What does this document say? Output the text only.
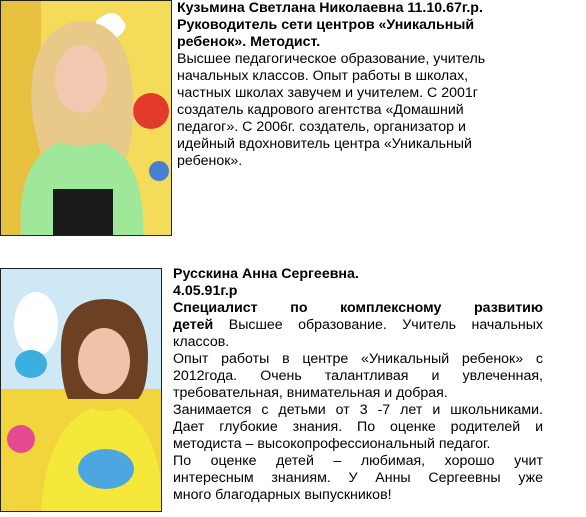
Кузьмина Светлана Николаевна 11.10.67г.р.
Руководитель сети центров «Уникальный
ребенок». Методист.
Высшее педагогическое образование, учитель
начальных классов. Опыт работы в школах,
частных школах завучем и учителем. С 2001г
создатель кадрового агентства «Домашний
педагог». С 2006г. создатель, организатор и
идейный вдохновитель центра «Уникальный
ребенок».
Русскина Анна Сергеевна.
4.05.91г.р
Специалист по комплексному развитию
детей Высшее образование. Учитель начальных
классов.
Опыт работы в центре «Уникальный ребенок» с
2012года. Очень талантливая и увлеченная,
требовательная, внимательная и добрая.
Занимается с детьми от 3 -7 лет и школьниками.
Дает глубокие знания. По оценке родителей и
методиста – высокопрофессиональный педагог.
По оценке детей – любимая, хорошо учит
интересным знаниям. У Анны Сергеевны уже
много благодарных выпускников!
